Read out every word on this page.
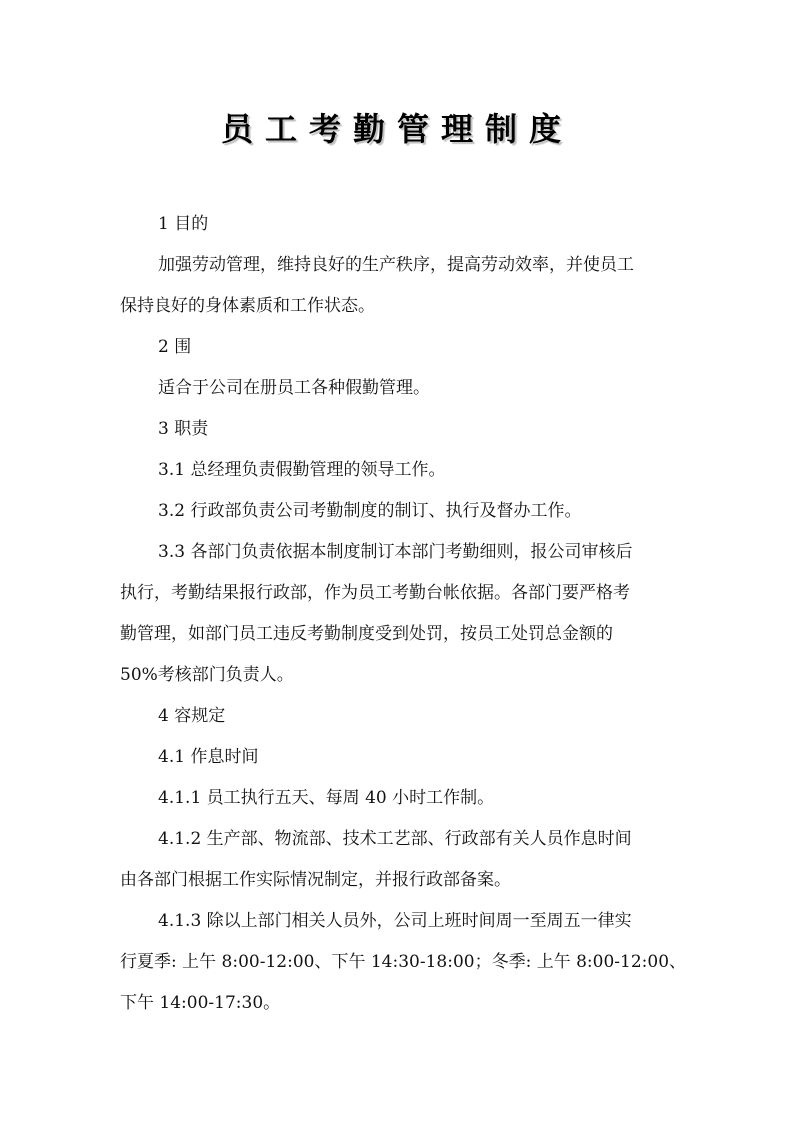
员工考勤管理制度
1 目的
加强劳动管理，维持良好的生产秩序，提高劳动效率，并使员工
保持良好的身体素质和工作状态。
2 围
适合于公司在册员工各种假勤管理。
3 职责
3.1 总经理负责假勤管理的领导工作。
3.2 行政部负责公司考勤制度的制订、执行及督办工作。
3.3 各部门负责依据本制度制订本部门考勤细则，报公司审核后
执行，考勤结果报行政部，作为员工考勤台帐依据。各部门要严格考
勤管理，如部门员工违反考勤制度受到处罚，按员工处罚总金额的
50%考核部门负责人。
4 容规定
4.1 作息时间
4.1.1 员工执行五天、每周 40 小时工作制。
4.1.2 生产部、物流部、技术工艺部、行政部有关人员作息时间
由各部门根据工作实际情况制定，并报行政部备案。
4.1.3 除以上部门相关人员外，公司上班时间周一至周五一律实
行夏季: 上午 8:00-12:00、下午 14:30-18:00；冬季: 上午 8:00-12:00、
下午 14:00-17:30。
